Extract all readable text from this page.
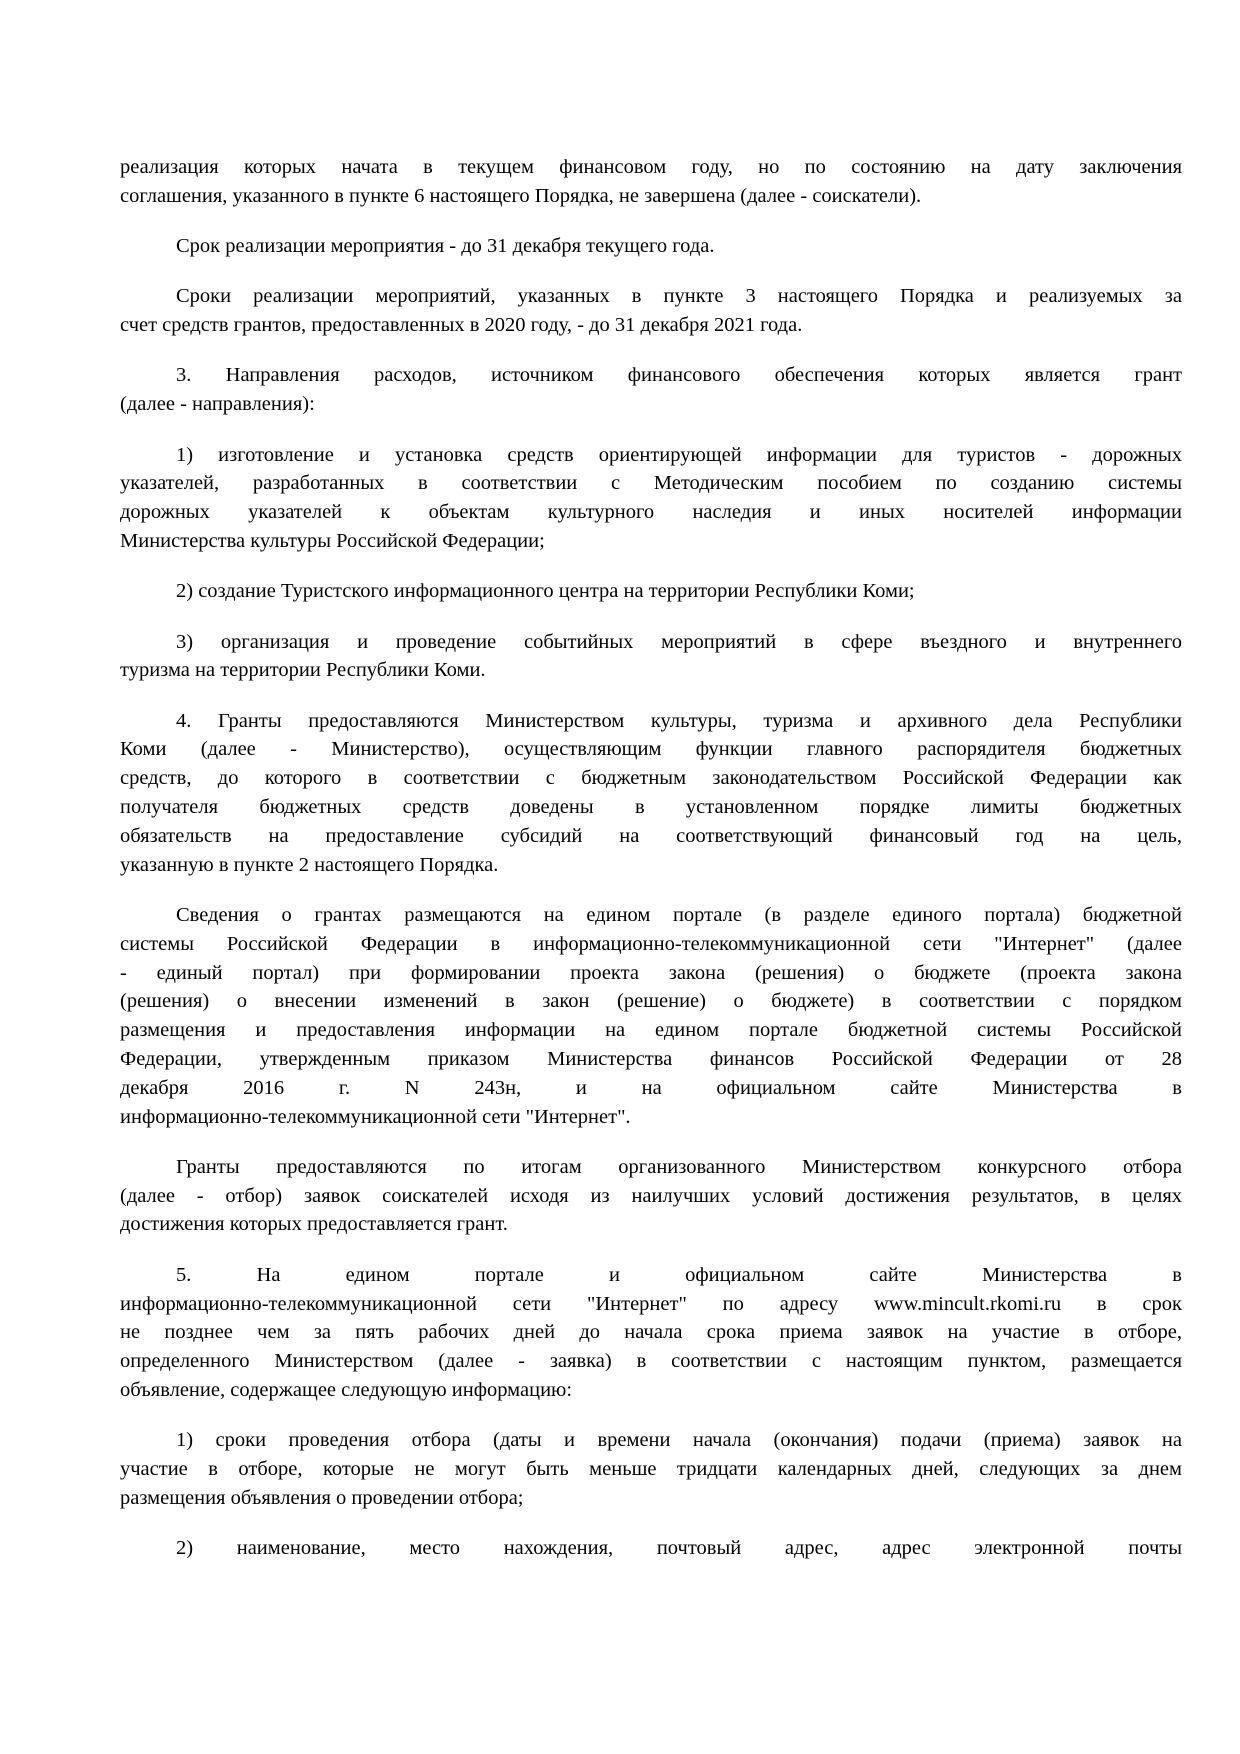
реализация которых начата в текущем финансовом году, но по состоянию на дату заключения
соглашения, указанного в пункте 6 настоящего Порядка, не завершена (далее - соискатели).
Срок реализации мероприятия - до 31 декабря текущего года.
Сроки реализации мероприятий, указанных в пункте 3 настоящего Порядка и реализуемых за
счет средств грантов, предоставленных в 2020 году, - до 31 декабря 2021 года.
3. Направления расходов, источником финансового обеспечения которых является грант
(далее - направления):
1) изготовление и установка средств ориентирующей информации для туристов - дорожных
указателей, разработанных в соответствии с Методическим пособием по созданию системы
дорожных указателей к объектам культурного наследия и иных носителей информации
Министерства культуры Российской Федерации;
2) создание Туристского информационного центра на территории Республики Коми;
3) организация и проведение событийных мероприятий в сфере въездного и внутреннего
туризма на территории Республики Коми.
4. Гранты предоставляются Министерством культуры, туризма и архивного дела Республики
Коми (далее - Министерство), осуществляющим функции главного распорядителя бюджетных
средств, до которого в соответствии с бюджетным законодательством Российской Федерации как
получателя бюджетных средств доведены в установленном порядке лимиты бюджетных
обязательств на предоставление субсидий на соответствующий финансовый год на цель,
указанную в пункте 2 настоящего Порядка.
Сведения о грантах размещаются на едином портале (в разделе единого портала) бюджетной
системы Российской Федерации в информационно-телекоммуникационной сети "Интернет" (далее
- единый портал) при формировании проекта закона (решения) о бюджете (проекта закона
(решения) о внесении изменений в закон (решение) о бюджете) в соответствии с порядком
размещения и предоставления информации на едином портале бюджетной системы Российской
Федерации, утвержденным приказом Министерства финансов Российской Федерации от 28
декабря 2016 г. N 243н, и на официальном сайте Министерства в
информационно-телекоммуникационной сети "Интернет".
Гранты предоставляются по итогам организованного Министерством конкурсного отбора
(далее - отбор) заявок соискателей исходя из наилучших условий достижения результатов, в целях
достижения которых предоставляется грант.
5. На едином портале и официальном сайте Министерства в
информационно-телекоммуникационной сети "Интернет" по адресу www.mincult.rkomi.ru в срок
не позднее чем за пять рабочих дней до начала срока приема заявок на участие в отборе,
определенного Министерством (далее - заявка) в соответствии с настоящим пунктом, размещается
объявление, содержащее следующую информацию:
1) сроки проведения отбора (даты и времени начала (окончания) подачи (приема) заявок на
участие в отборе, которые не могут быть меньше тридцати календарных дней, следующих за днем
размещения объявления о проведении отбора;
2) наименование, место нахождения, почтовый адрес, адрес электронной почты
